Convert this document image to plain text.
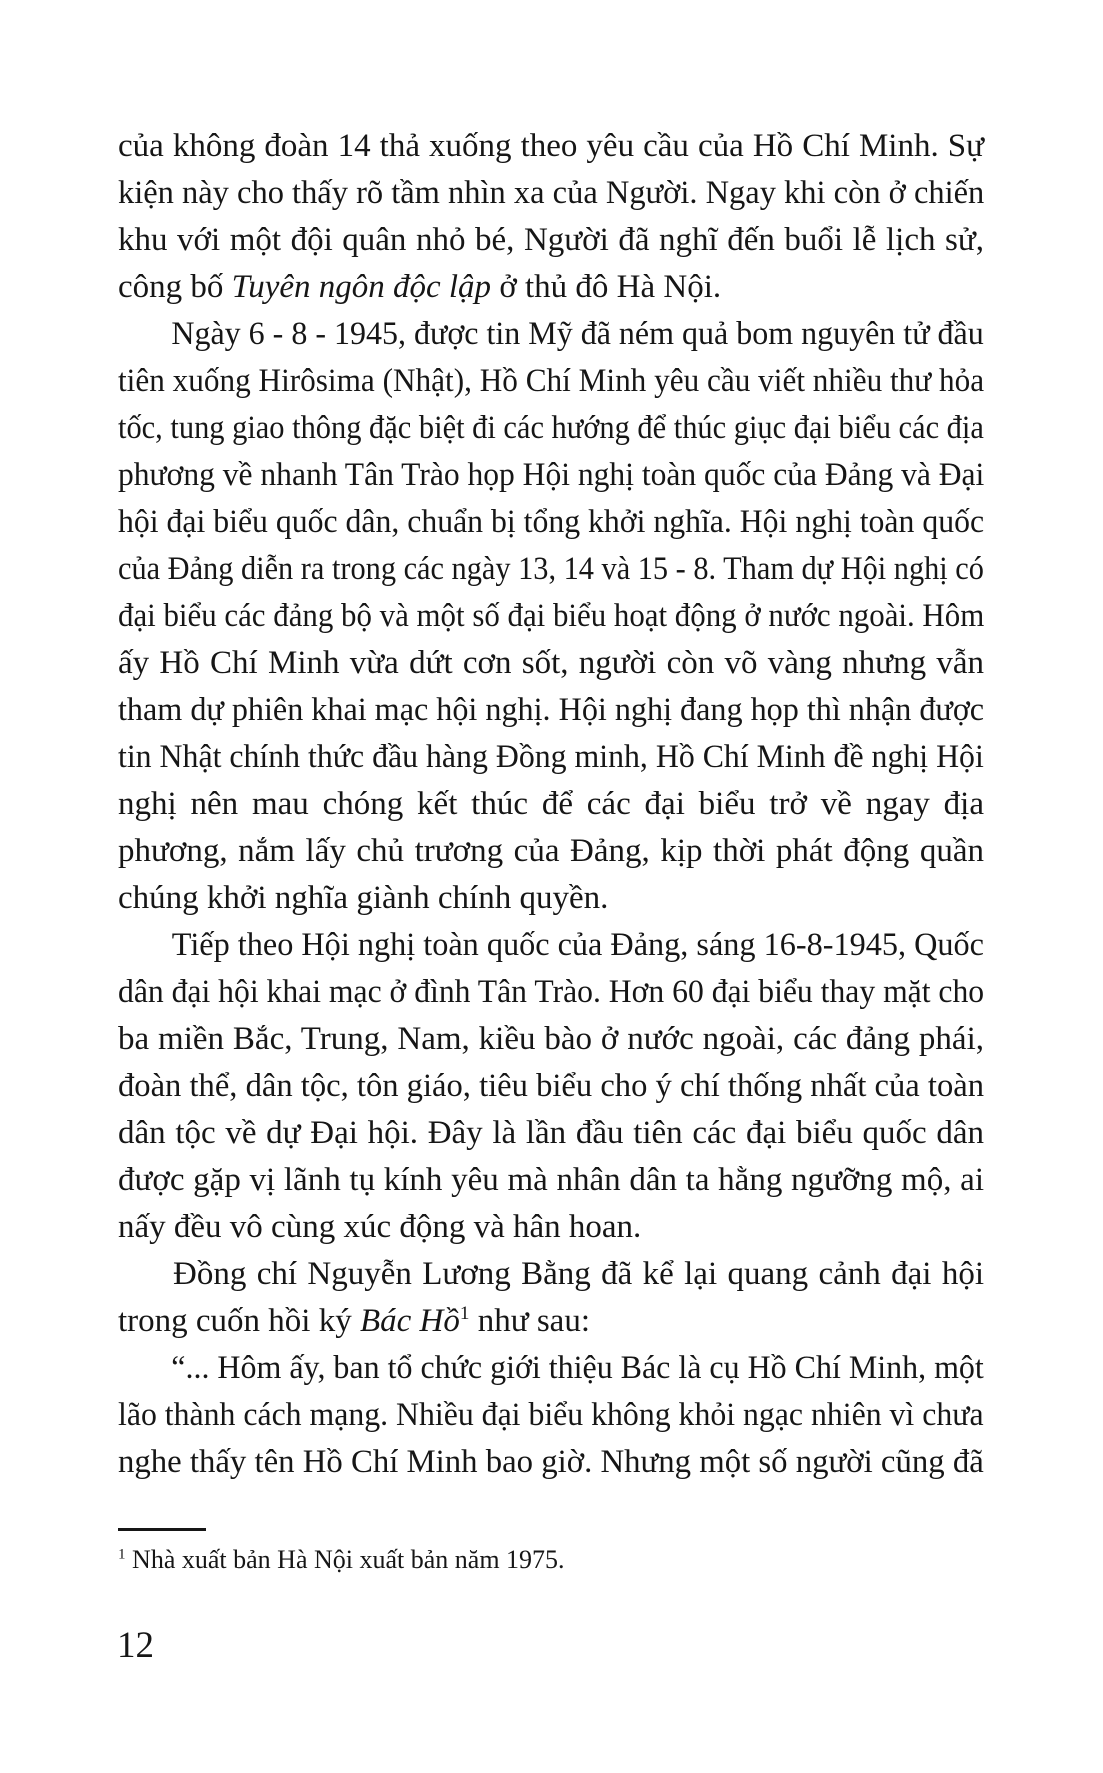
của không đoàn 14 thả xuống theo yêu cầu của Hồ Chí Minh. Sự
kiện này cho thấy rõ tầm nhìn xa của Người. Ngay khi còn ở chiến
khu với một đội quân nhỏ bé, Người đã nghĩ đến buổi lễ lịch sử,
công bố Tuyên ngôn độc lập ở thủ đô Hà Nội.
Ngày 6 - 8 - 1945, được tin Mỹ đã ném quả bom nguyên tử đầu
tiên xuống Hirôsima (Nhật), Hồ Chí Minh yêu cầu viết nhiều thư hỏa
tốc, tung giao thông đặc biệt đi các hướng để thúc giục đại biểu các địa
phương về nhanh Tân Trào họp Hội nghị toàn quốc của Đảng và Đại
hội đại biểu quốc dân, chuẩn bị tổng khởi nghĩa. Hội nghị toàn quốc
của Đảng diễn ra trong các ngày 13, 14 và 15 - 8. Tham dự Hội nghị có
đại biểu các đảng bộ và một số đại biểu hoạt động ở nước ngoài. Hôm
ấy Hồ Chí Minh vừa dứt cơn sốt, người còn võ vàng nhưng vẫn
tham dự phiên khai mạc hội nghị. Hội nghị đang họp thì nhận được
tin Nhật chính thức đầu hàng Đồng minh, Hồ Chí Minh đề nghị Hội
nghị nên mau chóng kết thúc để các đại biểu trở về ngay địa
phương, nắm lấy chủ trương của Đảng, kịp thời phát động quần
chúng khởi nghĩa giành chính quyền.
Tiếp theo Hội nghị toàn quốc của Đảng, sáng 16-8-1945, Quốc
dân đại hội khai mạc ở đình Tân Trào. Hơn 60 đại biểu thay mặt cho
ba miền Bắc, Trung, Nam, kiều bào ở nước ngoài, các đảng phái,
đoàn thể, dân tộc, tôn giáo, tiêu biểu cho ý chí thống nhất của toàn
dân tộc về dự Đại hội. Đây là lần đầu tiên các đại biểu quốc dân
được gặp vị lãnh tụ kính yêu mà nhân dân ta hằng ngưỡng mộ, ai
nấy đều vô cùng xúc động và hân hoan.
Đồng chí Nguyễn Lương Bằng đã kể lại quang cảnh đại hội
trong cuốn hồi ký Bác Hồ$^1$ như sau:
“... Hôm ấy, ban tổ chức giới thiệu Bác là cụ Hồ Chí Minh, một
lão thành cách mạng. Nhiều đại biểu không khỏi ngạc nhiên vì chưa
nghe thấy tên Hồ Chí Minh bao giờ. Nhưng một số người cũng đã
$^1$ Nhà xuất bản Hà Nội xuất bản năm 1975.
12
